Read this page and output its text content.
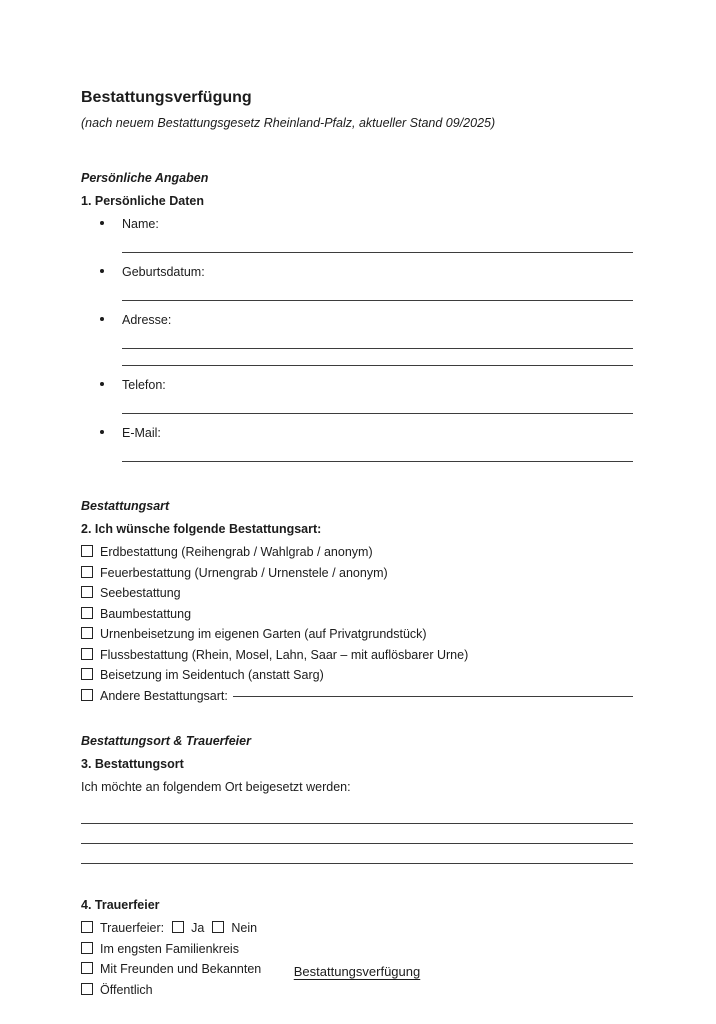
Bestattungsverfügung

(nach neuem Bestattungsgesetz Rheinland-Pfalz, aktueller Stand 09/2025)

Persönliche Angaben
1. Persönliche Daten
Name:
Geburtsdatum:
Adresse:
Telefon:
E-Mail:
Bestattungsart
2. Ich wünsche folgende Bestattungsart:
Erdbestattung (Reihengrab / Wahlgrab / anonym)
Feuerbestattung (Urnengrab / Urnenstele / anonym)
Seebestattung
Baumbestattung
Urnenbeisetzung im eigenen Garten (auf Privatgrundstück)
Flussbestattung (Rhein, Mosel, Lahn, Saar – mit auflösbarer Urne)
Beisetzung im Seidentuch (anstatt Sarg)
Andere Bestattungsart:
Bestattungsort & Trauerfeier
3. Bestattungsort

Ich möchte an folgendem Ort beigesetzt werden:

4. Trauerfeier
Trauerfeier: Ja Nein
Im engsten Familienkreis
Mit Freunden und Bekannten
Öffentlich
Bestattungsverfügung
